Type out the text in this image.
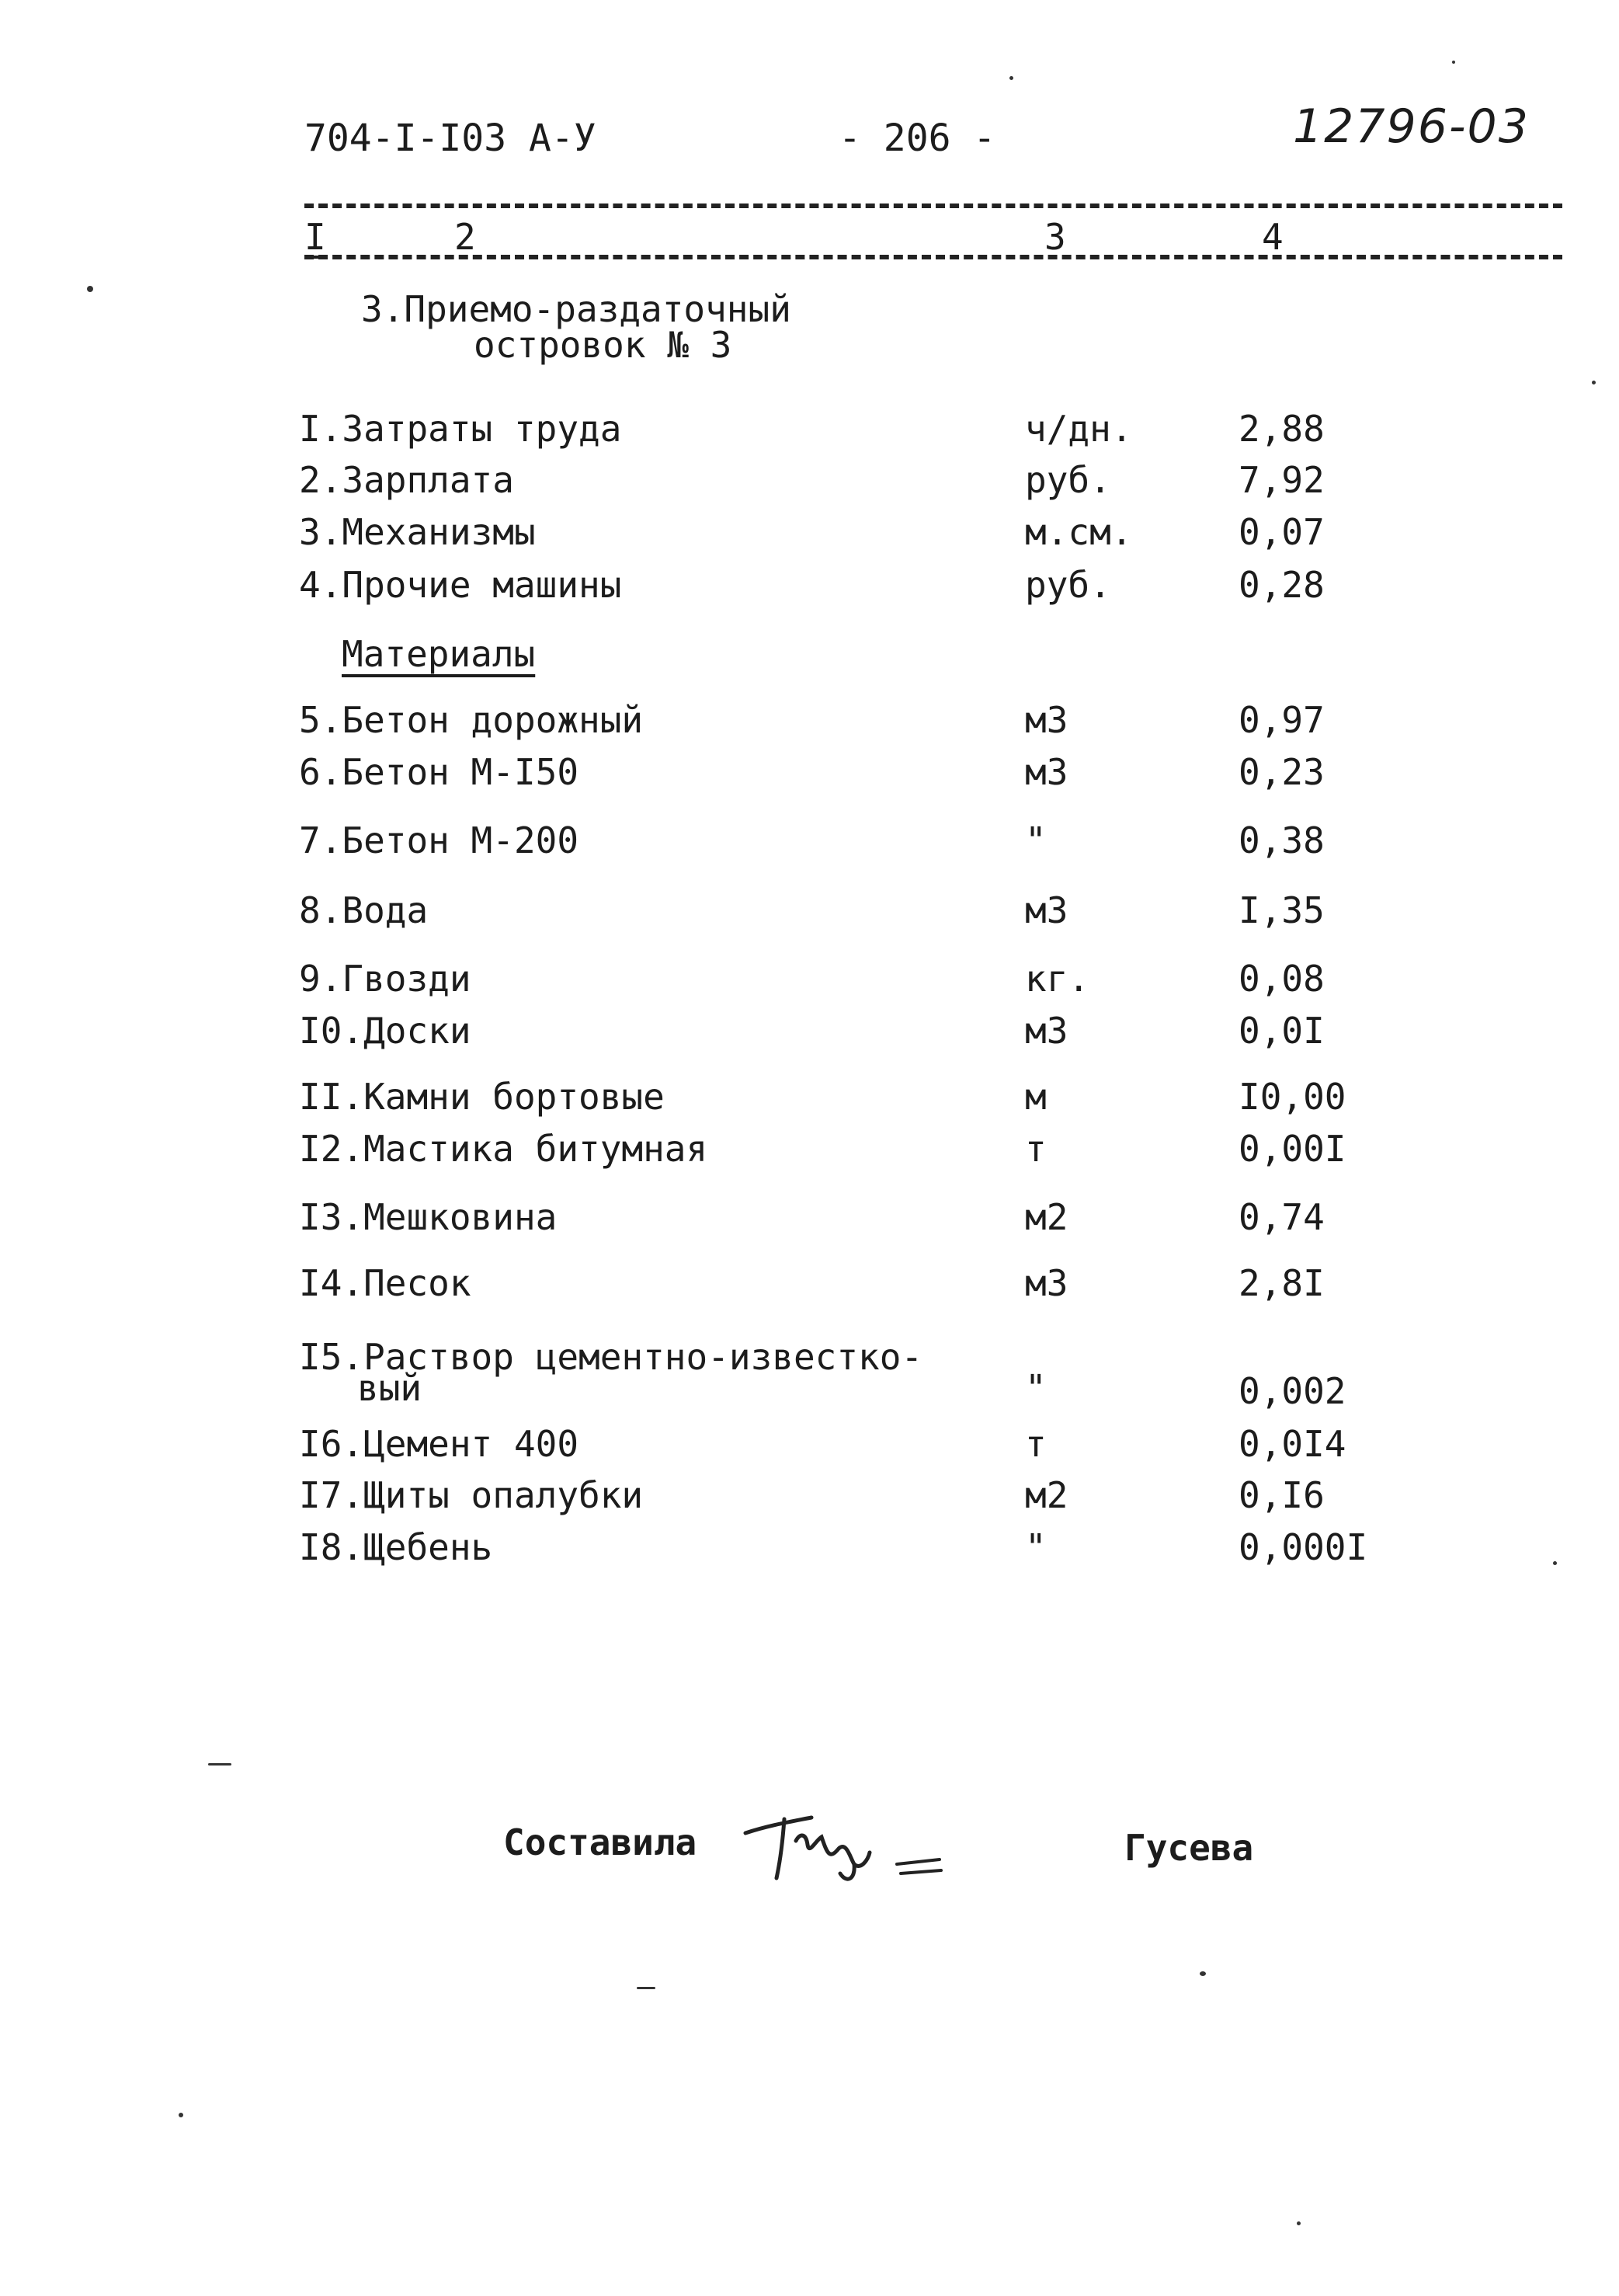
704-I-I03 А-У	- 206 -	12796-03
I	2	3	4
3.Приемо-раздаточный
островок № 3
I.Затраты труда	ч/дн.	2,88
2.Зарплата	руб.	7,92
3.Механизмы	м.см.	0,07
4.Прочие машины	руб.	0,28
Материалы
5.Бетон дорожный	м3	0,97
6.Бетон М-I50	м3	0,23
7.Бетон М-200	"	0,38
8.Вода	м3	I,35
9.Гвозди	кг.	0,08
I0.Доски	м3	0,0I
II.Камни бортовые	м	I0,00
I2.Мастика битумная	т	0,00I
I3.Мешковина	м2	0,74
I4.Песок	м3	2,8I
I5.Раствор цементно-известко-
вый	"	0,002
I6.Цемент 400	т	0,0I4
I7.Щиты опалубки	м2	0,I6
I8.Щебень	"	0,000I
Составила	Гусева
